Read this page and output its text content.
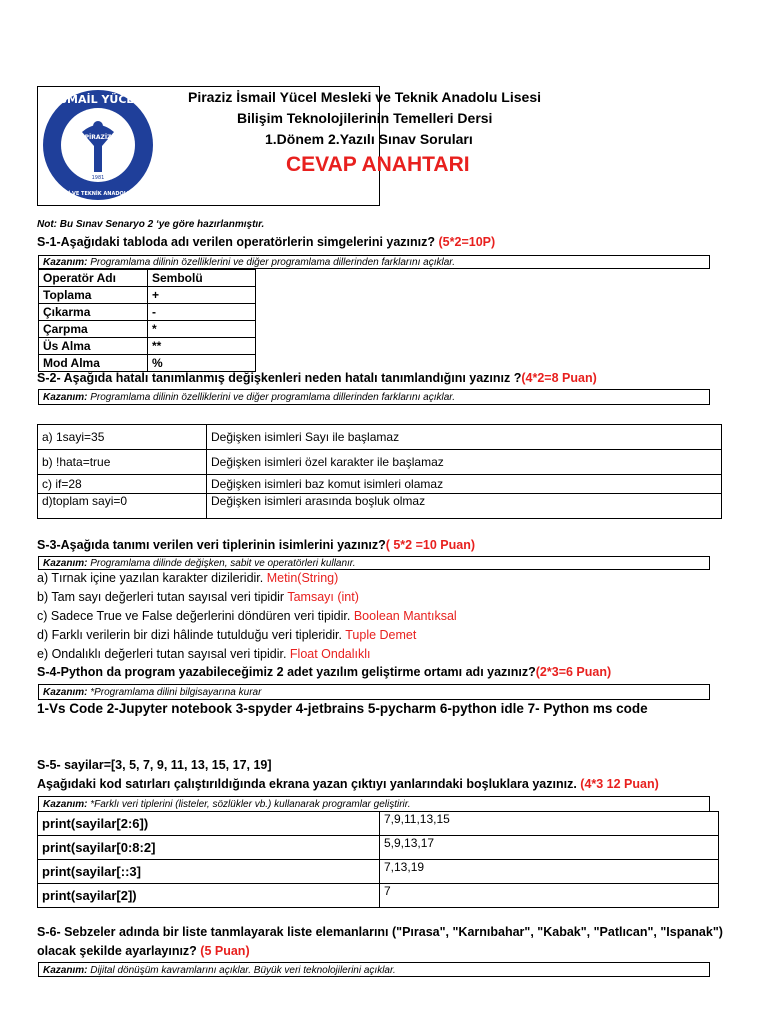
İSMAİL YÜCEL
PİRAZİZ
MESLEKİ VE TEKNİK ANADOLU LİSESİ
1981
Piraziz İsmail Yücel Mesleki ve Teknik Anadolu Lisesi
Bilişim Teknolojilerinin Temelleri Dersi
1.Dönem 2.Yazılı Sınav Soruları
CEVAP ANAHTARI
Not: Bu Sınav Senaryo 2 ‘ye göre hazırlanmıştır.
S-1-Aşağıdaki tabloda adı verilen operatörlerin simgelerini yazınız? (5*2=10P)
Kazanım: Programlama dilinin özelliklerini ve diğer programlama dillerinden farklarını açıklar.
Operatör Adı	Sembolü
Toplama	+
Çıkarma	-
Çarpma	*
Üs Alma	**
Mod Alma	%
S-2- Aşağıda hatalı tanımlanmış değişkenleri neden hatalı tanımlandığını yazınız ?(4*2=8 Puan)
Kazanım: Programlama dilinin özelliklerini ve diğer programlama dillerinden farklarını açıklar.
a) 1sayi=35	Değişken isimleri Sayı ile başlamaz
b) !hata=true	Değişken isimleri özel karakter ile başlamaz
c) if=28	Değişken isimleri baz komut isimleri olamaz
d)toplam sayi=0	Değişken isimleri arasında boşluk olmaz
S-3-Aşağıda tanımı verilen veri tiplerinin isimlerini yazınız?( 5*2 =10 Puan)
Kazanım: Programlama dilinde değişken, sabit ve operatörleri kullanır.
a) Tırnak içine yazılan karakter dizileridir. Metin(String)
b) Tam sayı değerleri tutan sayısal veri tipidir Tamsayı (int)
c) Sadece True ve False değerlerini döndüren veri tipidir. Boolean Mantıksal
d) Farklı verilerin bir dizi hâlinde tutulduğu veri tipleridir. Tuple Demet
e) Ondalıklı değerleri tutan sayısal veri tipidir. Float Ondalıklı
S-4-Python da program yazabileceğimiz 2 adet yazılım geliştirme ortamı adı yazınız?(2*3=6 Puan)
Kazanım: *Programlama dilini bilgisayarına kurar
1-Vs Code 2-Jupyter notebook 3-spyder 4-jetbrains 5-pycharm 6-python idle 7- Python ms code
S-5- sayilar=[3, 5, 7, 9, 11, 13, 15, 17, 19]
Aşağıdaki kod satırları çalıştırıldığında ekrana yazan çıktıyı yanlarındaki boşluklara yazınız. (4*3 12 Puan)
Kazanım: *Farklı veri tiplerini (listeler, sözlükler vb.) kullanarak programlar geliştirir.
print(sayilar[2:6])	7,9,11,13,15
print(sayilar[0:8:2]	5,9,13,17
print(sayilar[::3]	7,13,19
print(sayilar[2])	7
S-6- Sebzeler adında bir liste tanmlayarak liste elemanlarını ("Pırasa", "Karnıbahar", "Kabak", "Patlıcan", "Ispanak")
olacak şekilde ayarlayınız? (5 Puan)
Kazanım: Dijital dönüşüm kavramlarını açıklar. Büyük veri teknolojilerini açıklar.
